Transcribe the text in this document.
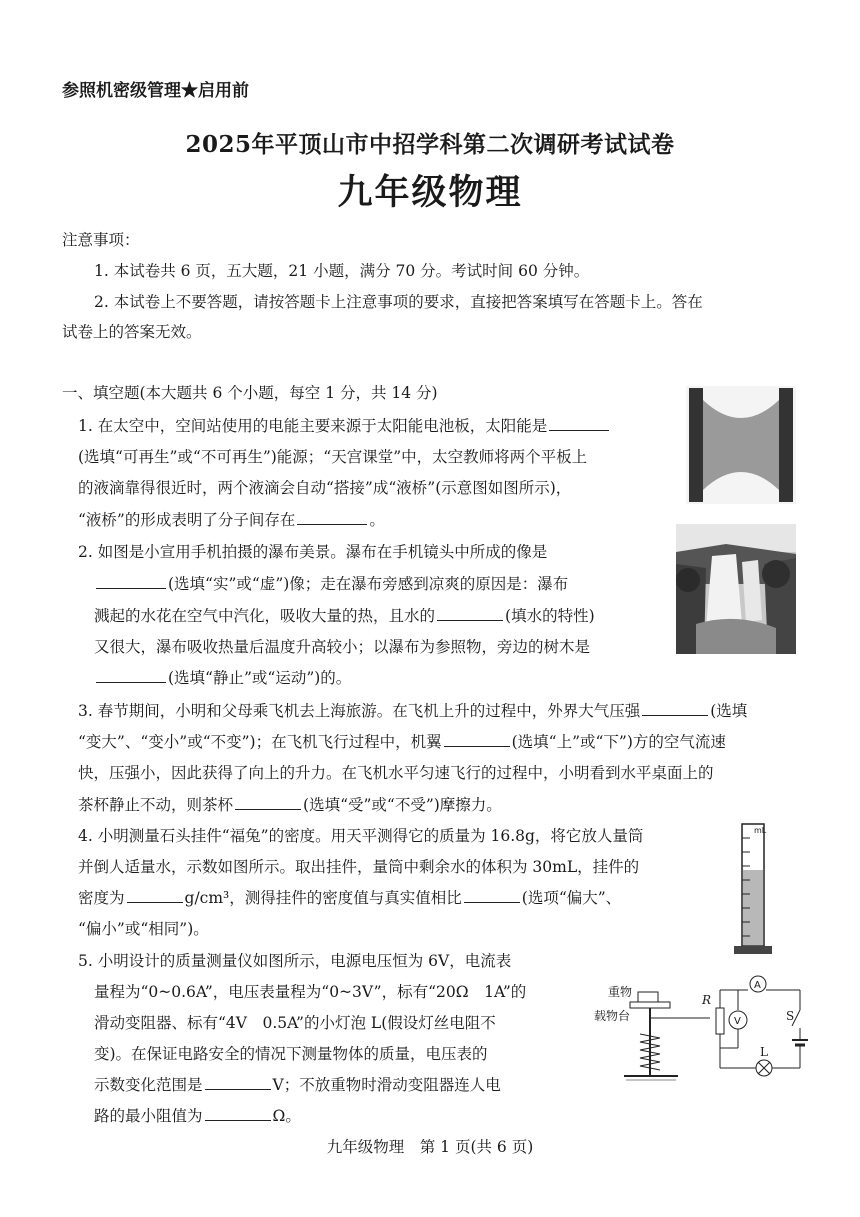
参照机密级管理★启用前
2025年平顶山市中招学科第二次调研考试试卷
九年级物理
注意事项：
1. 本试卷共 6 页，五大题，21 小题，满分 70 分。考试时间 60 分钟。
2. 本试卷上不要答题，请按答题卡上注意事项的要求，直接把答案填写在答题卡上。答在
试卷上的答案无效。
一、填空题(本大题共 6 个小题，每空 1 分，共 14 分)
1. 在太空中，空间站使用的电能主要来源于太阳能电池板，太阳能是
(选填“可再生”或“不可再生”)能源；“天宫课堂”中，太空教师将两个平板上
的液滴靠得很近时，两个液滴会自动“搭接”成“液桥”(示意图如图所示)，
“液桥”的形成表明了分子间存在	。
2. 如图是小宣用手机拍摄的瀑布美景。瀑布在手机镜头中所成的像是
(选填“实”或“虚”)像；走在瀑布旁感到凉爽的原因是：瀑布
溅起的水花在空气中汽化，吸收大量的热，且水的	(填水的特性)
又很大，瀑布吸收热量后温度升高较小；以瀑布为参照物，旁边的树木是
(选填“静止”或“运动”)的。
3. 春节期间，小明和父母乘飞机去上海旅游。在飞机上升的过程中，外界大气压强	(选填
“变大”、“变小”或“不变”)；在飞机飞行过程中，机翼	(选填“上”或“下”)方的空气流速
快，压强小，因此获得了向上的升力。在飞机水平匀速飞行的过程中，小明看到水平桌面上的
茶杯静止不动，则茶杯	(选填“受”或“不受”)摩擦力。
4. 小明测量石头挂件“福兔”的密度。用天平测得它的质量为 16.8g，将它放人量筒
并倒人适量水，示数如图所示。取出挂件，量筒中剩余水的体积为 30mL，挂件的
密度为	g/cm³，测得挂件的密度值与真实值相比	(选项“偏大”、
“偏小”或“相同”)。
mL
5. 小明设计的质量测量仪如图所示，电源电压恒为 6V，电流表
量程为“0~0.6A”，电压表量程为“0~3V”，标有“20Ω　1A”的
滑动变阻器、标有“4V　0.5A”的小灯泡 L(假设灯丝电阻不
变)。在保证电路安全的情况下测量物体的质量，电压表的
示数变化范围是	V；不放重物时滑动变阻器连人电
路的最小阻值为	Ω。
重物
载物台
R
S
L
V
A
九年级物理　第 1 页(共 6 页)
